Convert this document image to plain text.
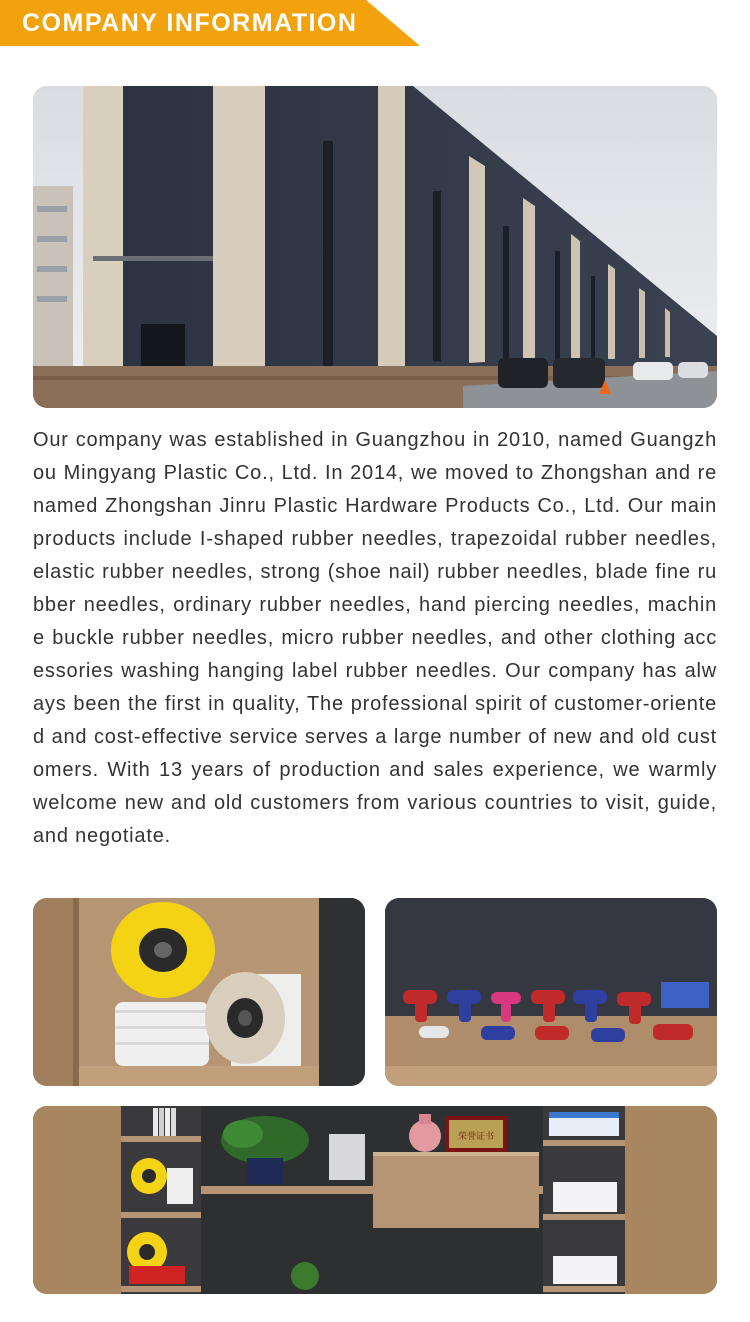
COMPANY INFORMATION

Our company was established in Guangzhou in 2010, named Guangzhou Mingyang Plastic Co., Ltd. In 2014, we moved to Zhongshan and renamed Zhongshan Jinru Plastic Hardware Products Co., Ltd. Our main products include I-shaped rubber needles, trapezoidal rubber needles, elastic rubber needles, strong (shoe nail) rubber needles, blade fine rubber needles, ordinary rubber needles, hand piercing needles, machine buckle rubber needles, micro rubber needles, and other clothing accessories washing hanging label rubber needles. Our company has always been the first in quality, The professional spirit of customer-oriented and cost-effective service serves a large number of new and old customers. With 13 years of production and sales experience, we warmly welcome new and old customers from various countries to visit, guide, and negotiate.

荣誉证书
